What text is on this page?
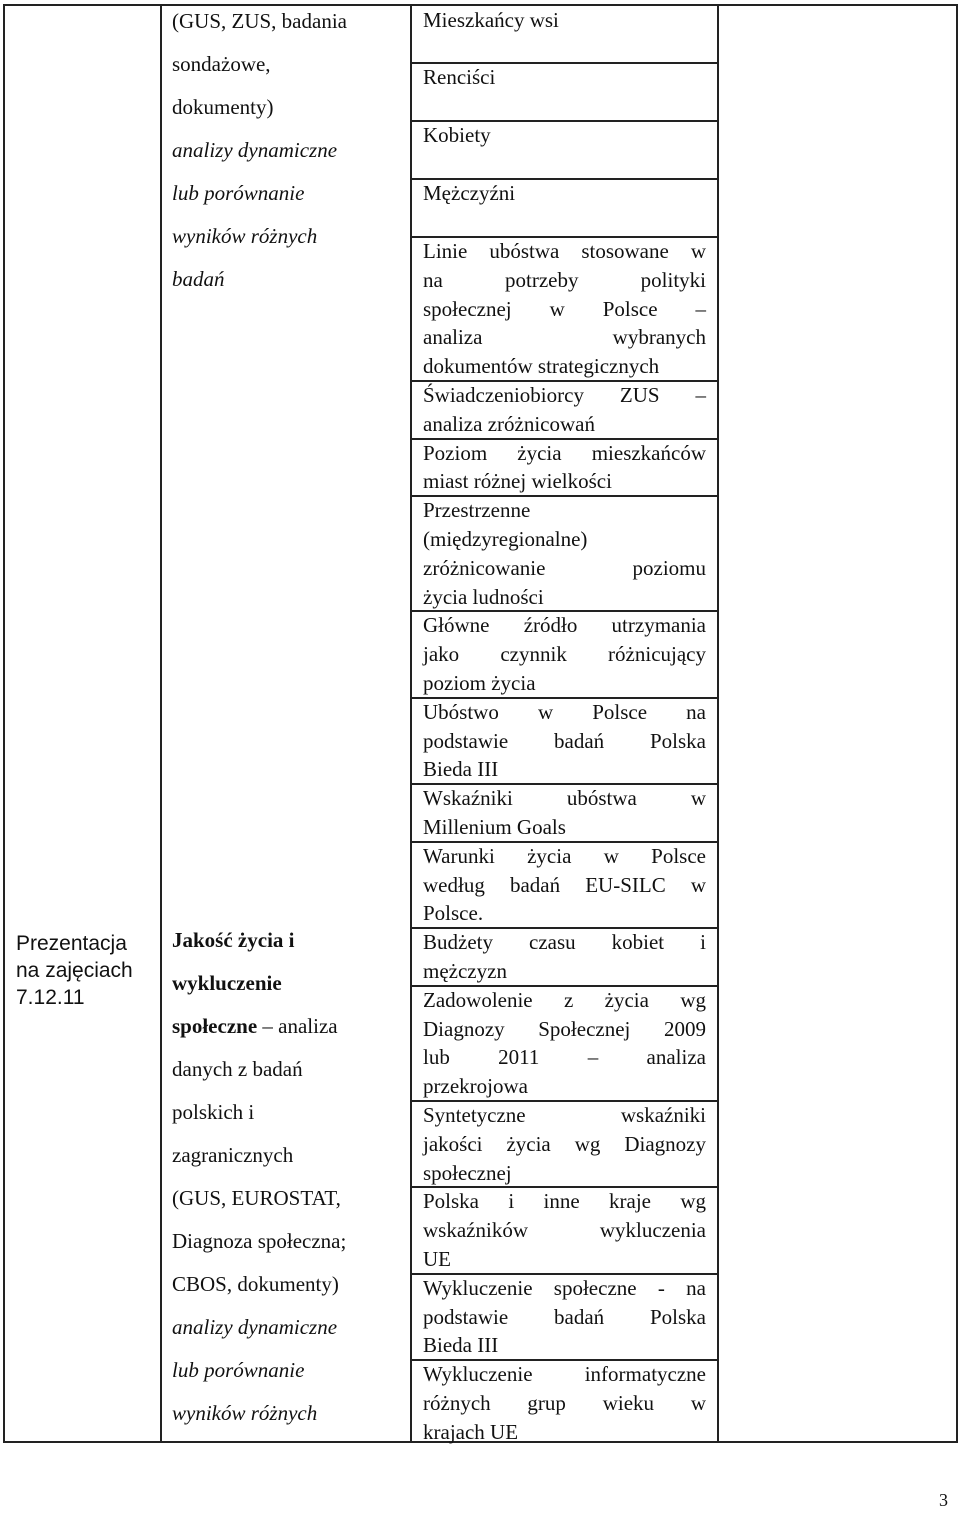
Prezentacja
na zajęciach
7.12.11
(GUS, ZUS, badania
sondażowe,
dokumenty)
analizy dynamiczne
lub porównanie
wyników różnych
badań
Jakość życia i
wykluczenie
społeczne – analiza
danych z badań
polskich i
zagranicznych
(GUS, EUROSTAT,
Diagnoza społeczna;
CBOS, dokumenty)
analizy dynamiczne
lub porównanie
wyników różnych
Mieszkańcy wsi
Renciści
Kobiety
Mężczyźni
Linie ubóstwa stosowane w
na potrzeby polityki
społecznej w Polsce –
analiza wybranych
dokumentów strategicznych
Świadczeniobiorcy ZUS –
analiza zróżnicowań
Poziom życia mieszkańców
miast różnej wielkości
Przestrzenne
(międzyregionalne)
zróżnicowanie poziomu
życia ludności
Główne źródło utrzymania
jako czynnik różnicujący
poziom życia
Ubóstwo w Polsce na
podstawie badań Polska
Bieda III
Wskaźniki ubóstwa w
Millenium Goals
Warunki życia w Polsce
według badań EU-SILC w
Polsce.
Budżety czasu kobiet i
mężczyzn
Zadowolenie z życia wg
Diagnozy Społecznej 2009
lub 2011 – analiza
przekrojowa
Syntetyczne wskaźniki
jakości życia wg Diagnozy
społecznej
Polska i inne kraje wg
wskaźników wykluczenia
UE
Wykluczenie społeczne - na
podstawie badań Polska
Bieda III
Wykluczenie informatyczne
różnych grup wieku w
krajach UE
3
